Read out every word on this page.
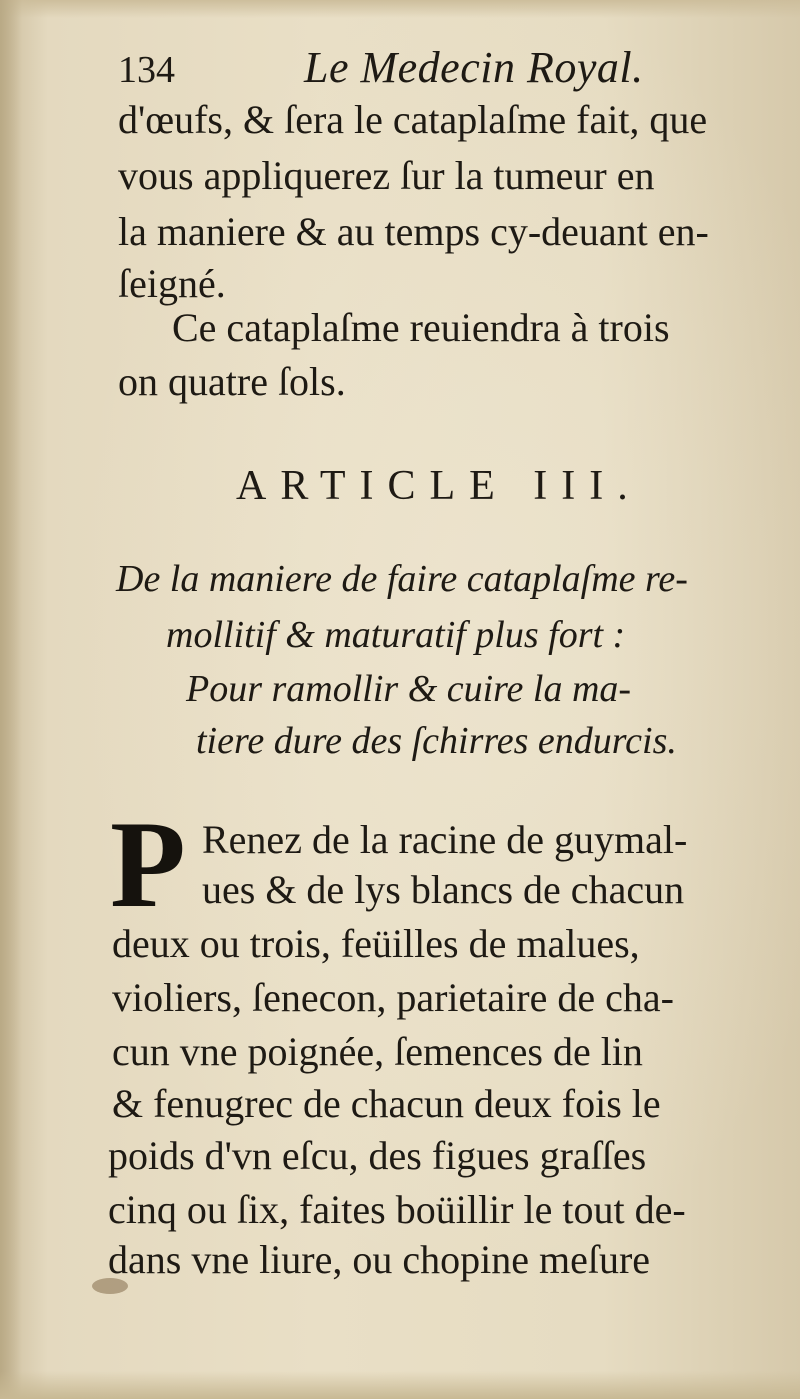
134	Le Medecin Royal.
d'œufs, & ſera le cataplaſme fait, que
vous appliquerez ſur la tumeur en
la maniere & au temps cy-deuant en-
ſeigné.
Ce cataplaſme reuiendra à trois
on quatre ſols.
ARTICLE III.
De la maniere de faire cataplaſme re-
mollitif & maturatif plus fort :
Pour ramollir & cuire la ma-
tiere dure des ſchirres endurcis.
P Renez de la racine de guymal-
ues & de lys blancs de chacun
deux ou trois, feüilles de malues,
violiers, ſenecon, parietaire de cha-
cun vne poignée, ſemences de lin
& fenugrec de chacun deux fois le
poids d'vn eſcu, des figues graſſes
cinq ou ſix, faites boüillir le tout de-
dans vne liure, ou chopine meſure
